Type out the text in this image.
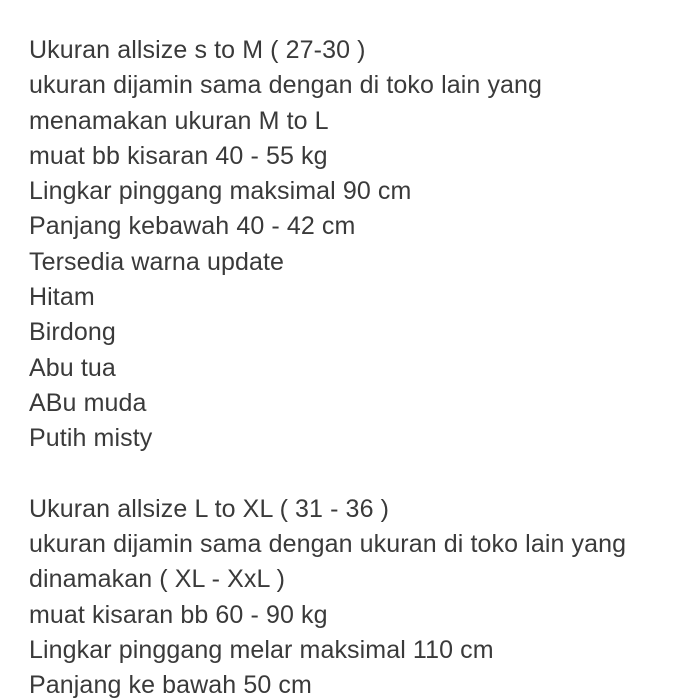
Ukuran allsize s to M ( 27-30 )
ukuran dijamin sama dengan di toko lain yang
menamakan ukuran M to L
muat bb kisaran 40 - 55 kg
Lingkar pinggang maksimal 90 cm
Panjang kebawah 40 - 42 cm
Tersedia warna update
Hitam
Birdong
Abu tua
ABu muda
Putih misty
Ukuran allsize L to XL ( 31 - 36 )
ukuran dijamin sama dengan ukuran di toko lain yang
dinamakan ( XL - XxL )
muat kisaran bb 60 - 90 kg
Lingkar pinggang melar maksimal 110 cm
Panjang ke bawah 50 cm
